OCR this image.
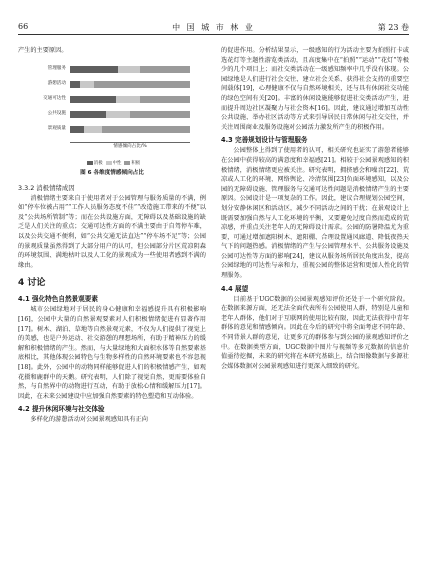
66	中 国 城 市 林 业	第 23 卷

产生的主要原因。

情感倾向占比/%
管理服务
游憩活动
交通可达性
公共设施
景观质量
消极 中性 积极
图 6 各维度情感倾向占比
3.3.2 消极情绪成因

消极情绪主要来自于使用者对于公园管理与服务质量的不满，例如“停车位被占用”“工作人员服务态度不佳”“改造施工带来的不便”以及“公共场所管制”等；而在公共设施方面，无障碍以及基础设施的缺乏是人们关注的重点；交通可达性方面的不满主要由于自驾停车难，以及公共交通不便利，如“公共交通无法直达”“停车场不足”等；公园的景观质量虽然得到了大部分用户的认可，但公园部分片区荒凉阴森的环境氛围、满地枯叶以及人工化的景观成为一些使用者感到不满的缘由。

4 讨论
4.1 强化特色自然景观要素

城市公园绿地对于居民的身心健康和幸福感提升具有积极影响[16]，公园中大量的自然景观要素对人们积极情绪促进有显著作用[17]。树木、湖泊、草地等自然景观元素，不仅为人们提供了视觉上的美感，也是户外运动、社交游憩的理想场所，有助于精神压力的缓解和积极情绪的产生。然而，与大量绿地和大面积水体等自然要素基底相比，其他体现公园特色与生物多样性的自然环境要素也不容忽视[18]。此外，公园中的动物同样能够促进人们的积极情感产生，如观花摄和鹿群中的天鹅。研究表明，人们除了视觉自然，更需要体验自然，与自然界中的动物进行互动，有助于放松心情和缓解压力[17]。因此，在未来公园建设中应加强自然要素的特色塑造和互动体验。

4.2 提升休闲环境与社交体验

多样化的游憩活动对公园景观感知具有正向

的促进作用。分析结果显示，一级感知的行为活动主要为拍照打卡或选花灯等主题性游览类活动，且高度集中在“拍照”“运动”“花灯”等极少的几个项目上；而社交类活动在一级感知频率中几乎没有体现。公园绿地是人们进行社会交往、建立社会关系、获得社会支持的重要空间载体[19]，心理健康不仅与自然环境相关，还与具有休闲社交功能的绿色空间有关[20]。丰富的休闲设施能够促进社交类活动产生，进而提升周边社区凝聚力与社会资本[16]。因此，建议通过增加互动性公共设施、举办社区活动等方式来引导居民日常休闲与社交交往，并关注周围商业及服务设施对公园活力激发所产生的积极作用。

4.3 完善规划设计与管理服务

公园整体上得到了使用者的认可，相关研究也证实了游憩者能够在公园中获得较高的满意度和幸福感[21]。相较于公园景观感知的积极情绪，消极情绪更应被关注。研究表明，拥挤感会和噪音[22]、荒凉或人工化的环境、网络舆论、冷清氛围[23]负面环境感知，以及公园的无障碍设施、管理服务与交通可达性问题是消极情绪产生的主要原因。公园设计是一项复杂的工作。因此，建议合理规划公园空间，划分安静休闲区和活动区，减少不同活动之间的干扰；在景观设计上既需要加强自然与人工化环境的平衡，又要避免过度自然而造成的荒凉感，并重点关注老年人的无障碍设计需求。公园的防暑降温尤为重要，可通过增加遮阳树木、遮阳棚、合理设置通风廊道、降低夜热天气下的问题热感。消极情绪的产生与公园管理水平、公共服务设施及公园可达性等方面的影响[24]，建议从服务场所居民角度出发，提高公园绿地的可达性与亲和力，重视公园的整体运营和更加人性化的管理服务。

4.4 展望

目前基于UGC数据的公园景观感知评价还处于一个研究阶段。在数据来源方面，还无法全面代表所有公园使用人群，特别是儿童和老年人群体，他们对于互联网的使用比较有限，因此无法获得中青年群体的意见和情感倾向。因此在今后的研究中将全面考虑不同年龄、不同背景人群的意见，让更多元的群体参与到公园的景观感知评价之中。在数据类型方面，UGC数据中图片与视频等多元数据的信息价值亟待挖掘，未来的研究将在本研究基础上，结合图像数据与多源社会媒体数据对公园景观感知进行更深入细致的研究。
